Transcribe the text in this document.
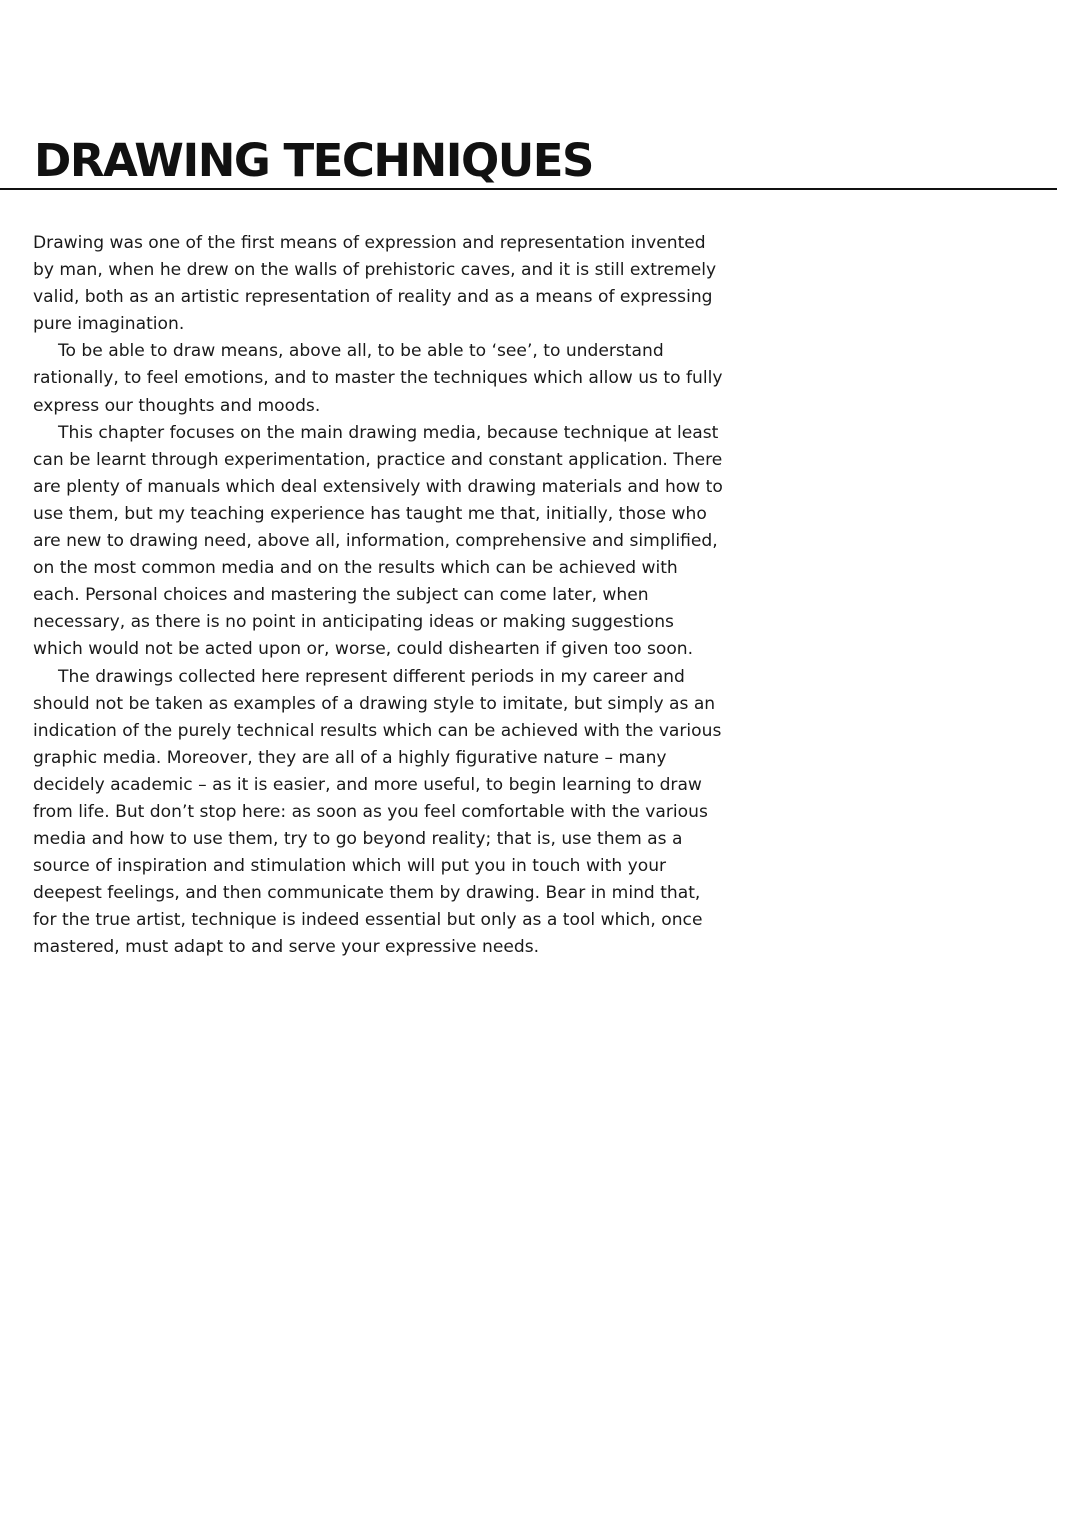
DRAWING TECHNIQUES

Drawing was one of the first means of expression and representation invented by man, when he drew on the walls of prehistoric caves, and it is still extremely valid, both as an artistic representation of reality and as a means of expressing pure imagination.

To be able to draw means, above all, to be able to ‘see’, to understand rationally, to feel emotions, and to master the techniques which allow us to fully express our thoughts and moods.

This chapter focuses on the main drawing media, because technique at least can be learnt through experimentation, practice and constant application. There are plenty of manuals which deal extensively with drawing materials and how to use them, but my teaching experience has taught me that, initially, those who are new to drawing need, above all, information, comprehensive and simplified, on the most common media and on the results which can be achieved with each. Personal choices and mastering the subject can come later, when necessary, as there is no point in anticipating ideas or making suggestions which would not be acted upon or, worse, could dishearten if given too soon.

The drawings collected here represent different periods in my career and should not be taken as examples of a drawing style to imitate, but simply as an indication of the purely technical results which can be achieved with the various graphic media. Moreover, they are all of a highly figurative nature – many decidely academic – as it is easier, and more useful, to begin learning to draw from life. But don’t stop here: as soon as you feel comfortable with the various media and how to use them, try to go beyond reality; that is, use them as a source of inspiration and stimulation which will put you in touch with your deepest feelings, and then communicate them by drawing. Bear in mind that, for the true artist, technique is indeed essential but only as a tool which, once mastered, must adapt to and serve your expressive needs.
